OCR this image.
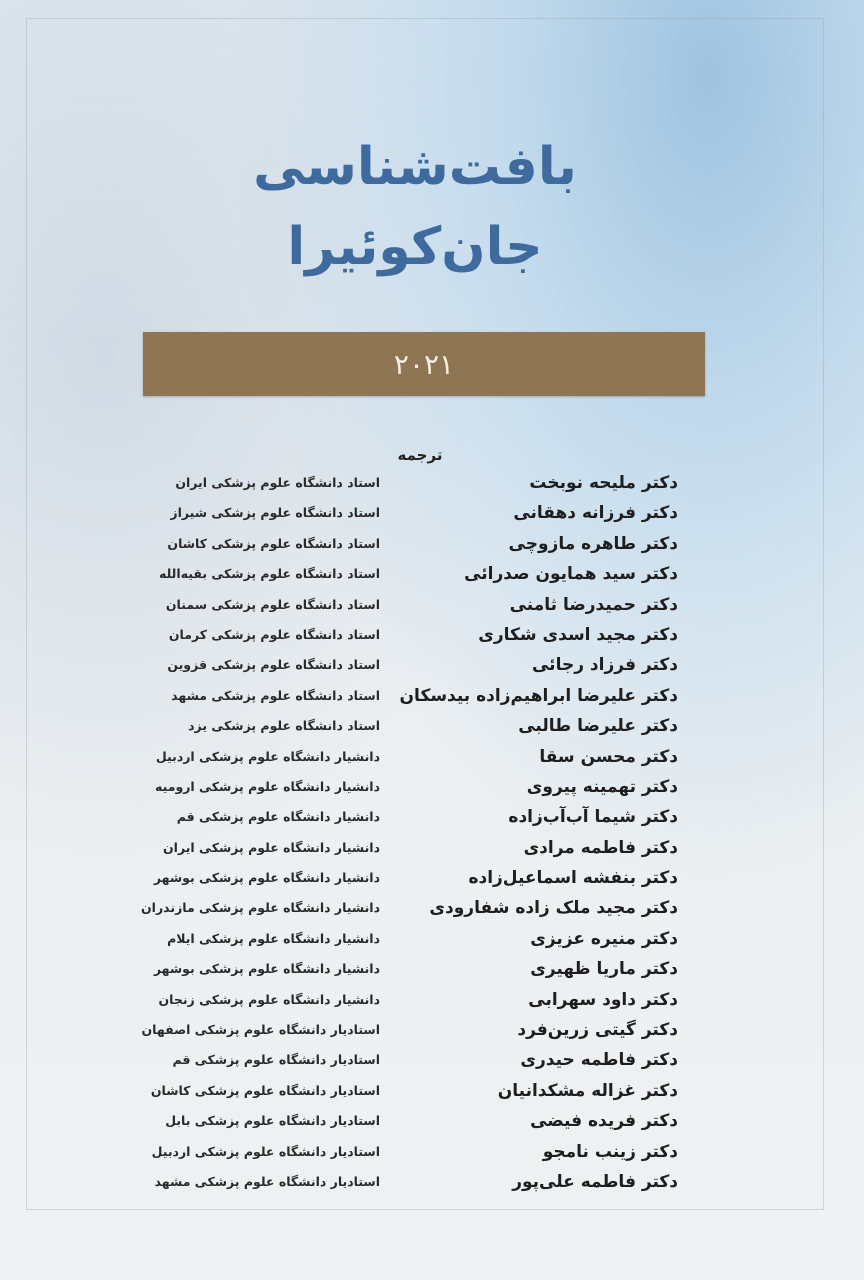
بافت‌شناسی
جان‌کوئیرا
۲۰۲۱
ترجمه
دکتر ملیحه نوبخت
دکتر فرزانه دهقانی
دکتر طاهره مازوچی
دکتر سید همایون صدرائی
دکتر حمیدرضا ثامنی
دکتر مجید اسدی شکاری
دکتر فرزاد رجائی
دکتر علیرضا ابراهیم‌زاده بیدسکان
دکتر علیرضا طالبی
دکتر محسن سقا
دکتر تهمینه پیروی
دکتر شیما آب‌آب‌زاده
دکتر فاطمه مرادی
دکتر بنفشه اسماعیل‌زاده
دکتر مجید ملک زاده شفارودی
دکتر منیره عزیزی
دکتر ماریا ظهیری
دکتر داود سهرابی
دکتر گیتی زرین‌فرد
دکتر فاطمه حیدری
دکتر غزاله مشکدانیان
دکتر فریده فیضی
دکتر زینب نامجو
دکتر فاطمه علی‌پور
استاد دانشگاه علوم پزشکی ایران
استاد دانشگاه علوم پزشکی شیراز
استاد دانشگاه علوم پزشکی کاشان
استاد دانشگاه علوم پزشکی بقیه‌الله
استاد دانشگاه علوم پزشکی سمنان
استاد دانشگاه علوم پزشکی کرمان
استاد دانشگاه علوم پزشکی قزوین
استاد دانشگاه علوم پزشکی مشهد
استاد دانشگاه علوم پزشکی یزد
دانشیار دانشگاه علوم پزشکی اردبیل
دانشیار دانشگاه علوم پزشکی ارومیه
دانشیار دانشگاه علوم پزشکی قم
دانشیار دانشگاه علوم پزشکی ایران
دانشیار دانشگاه علوم پزشکی بوشهر
دانشیار دانشگاه علوم پزشکی مازندران
دانشیار دانشگاه علوم پزشکی ایلام
دانشیار دانشگاه علوم پزشکی بوشهر
دانشیار دانشگاه علوم پزشکی زنجان
استادیار دانشگاه علوم پزشکی اصفهان
استادیار دانشگاه علوم پزشکی قم
استادیار دانشگاه علوم پزشکی کاشان
استادیار دانشگاه علوم پزشکی بابل
استادیار دانشگاه علوم پزشکی اردبیل
استادیار دانشگاه علوم پزشکی مشهد
